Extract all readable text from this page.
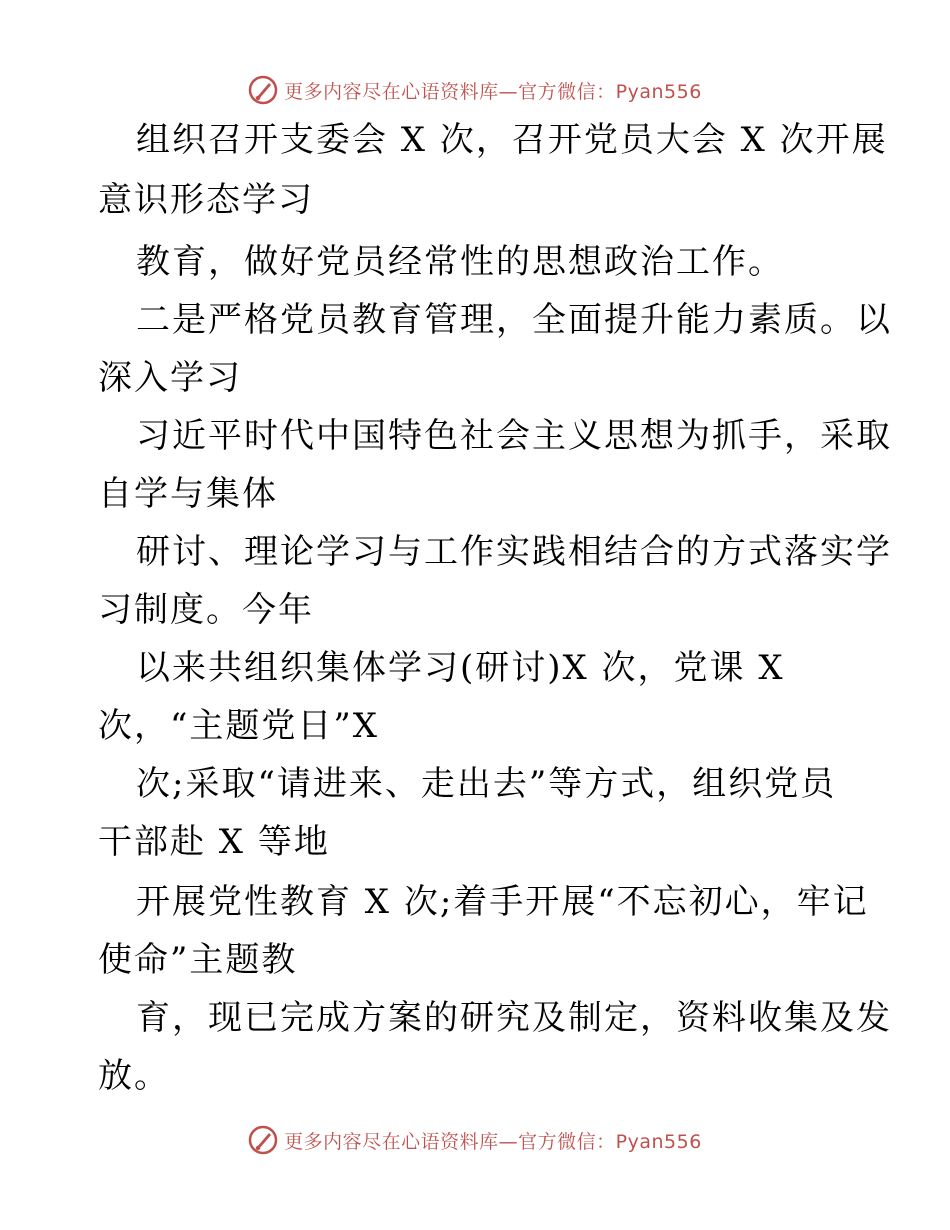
更多内容尽在心语资料库—官方微信：Pyan556
组织召开支委会 X 次，召开党员大会 X 次开展
意识形态学习
教育，做好党员经常性的思想政治工作。
二是严格党员教育管理，全面提升能力素质。以
深入学习
习近平时代中国特色社会主义思想为抓手，采取
自学与集体
研讨、理论学习与工作实践相结合的方式落实学
习制度。今年
以来共组织集体学习(研讨)X 次，党课 X
次，“主题党日”X
次;采取“请进来、走出去”等方式，组织党员
干部赴 X 等地
开展党性教育 X 次;着手开展“不忘初心，牢记
使命”主题教
育，现已完成方案的研究及制定，资料收集及发
放。
更多内容尽在心语资料库—官方微信：Pyan556
